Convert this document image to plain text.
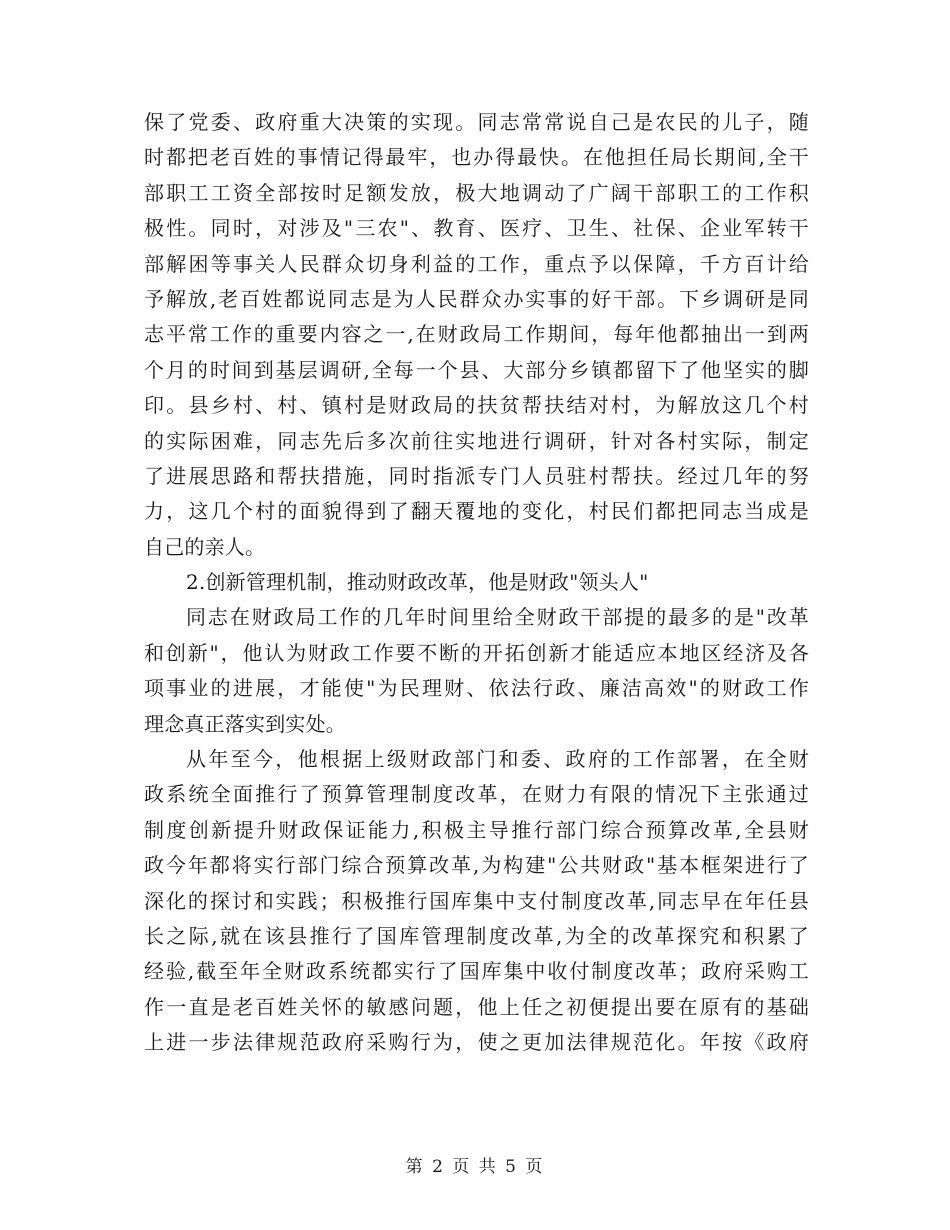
保了党委、政府重大决策的实现。同志常常说自己是农民的儿子，随
时都把老百姓的事情记得最牢，也办得最快。在他担任局长期间,全干
部职工工资全部按时足额发放，极大地调动了广阔干部职工的工作积
极性。同时，对涉及"三农"、教育、医疗、卫生、社保、企业军转干
部解困等事关人民群众切身利益的工作，重点予以保障，千方百计给
予解放,老百姓都说同志是为人民群众办实事的好干部。下乡调研是同
志平常工作的重要内容之一,在财政局工作期间，每年他都抽出一到两
个月的时间到基层调研,全每一个县、大部分乡镇都留下了他坚实的脚
印。县乡村、村、镇村是财政局的扶贫帮扶结对村，为解放这几个村
的实际困难，同志先后多次前往实地进行调研，针对各村实际，制定
了进展思路和帮扶措施，同时指派专门人员驻村帮扶。经过几年的努
力，这几个村的面貌得到了翻天覆地的变化，村民们都把同志当成是
自己的亲人。
2.创新管理机制，推动财政改革，他是财政"领头人"
同志在财政局工作的几年时间里给全财政干部提的最多的是"改革
和创新"，他认为财政工作要不断的开拓创新才能适应本地区经济及各
项事业的进展，才能使"为民理财、依法行政、廉洁高效"的财政工作
理念真正落实到实处。
从年至今，他根据上级财政部门和委、政府的工作部署，在全财
政系统全面推行了预算管理制度改革，在财力有限的情况下主张通过
制度创新提升财政保证能力,积极主导推行部门综合预算改革,全县财
政今年都将实行部门综合预算改革,为构建"公共财政"基本框架进行了
深化的探讨和实践；积极推行国库集中支付制度改革,同志早在年任县
长之际,就在该县推行了国库管理制度改革,为全的改革探究和积累了
经验,截至年全财政系统都实行了国库集中收付制度改革；政府采购工
作一直是老百姓关怀的敏感问题，他上任之初便提出要在原有的基础
上进一步法律规范政府采购行为，使之更加法律规范化。年按《政府
第 2 页 共 5 页
